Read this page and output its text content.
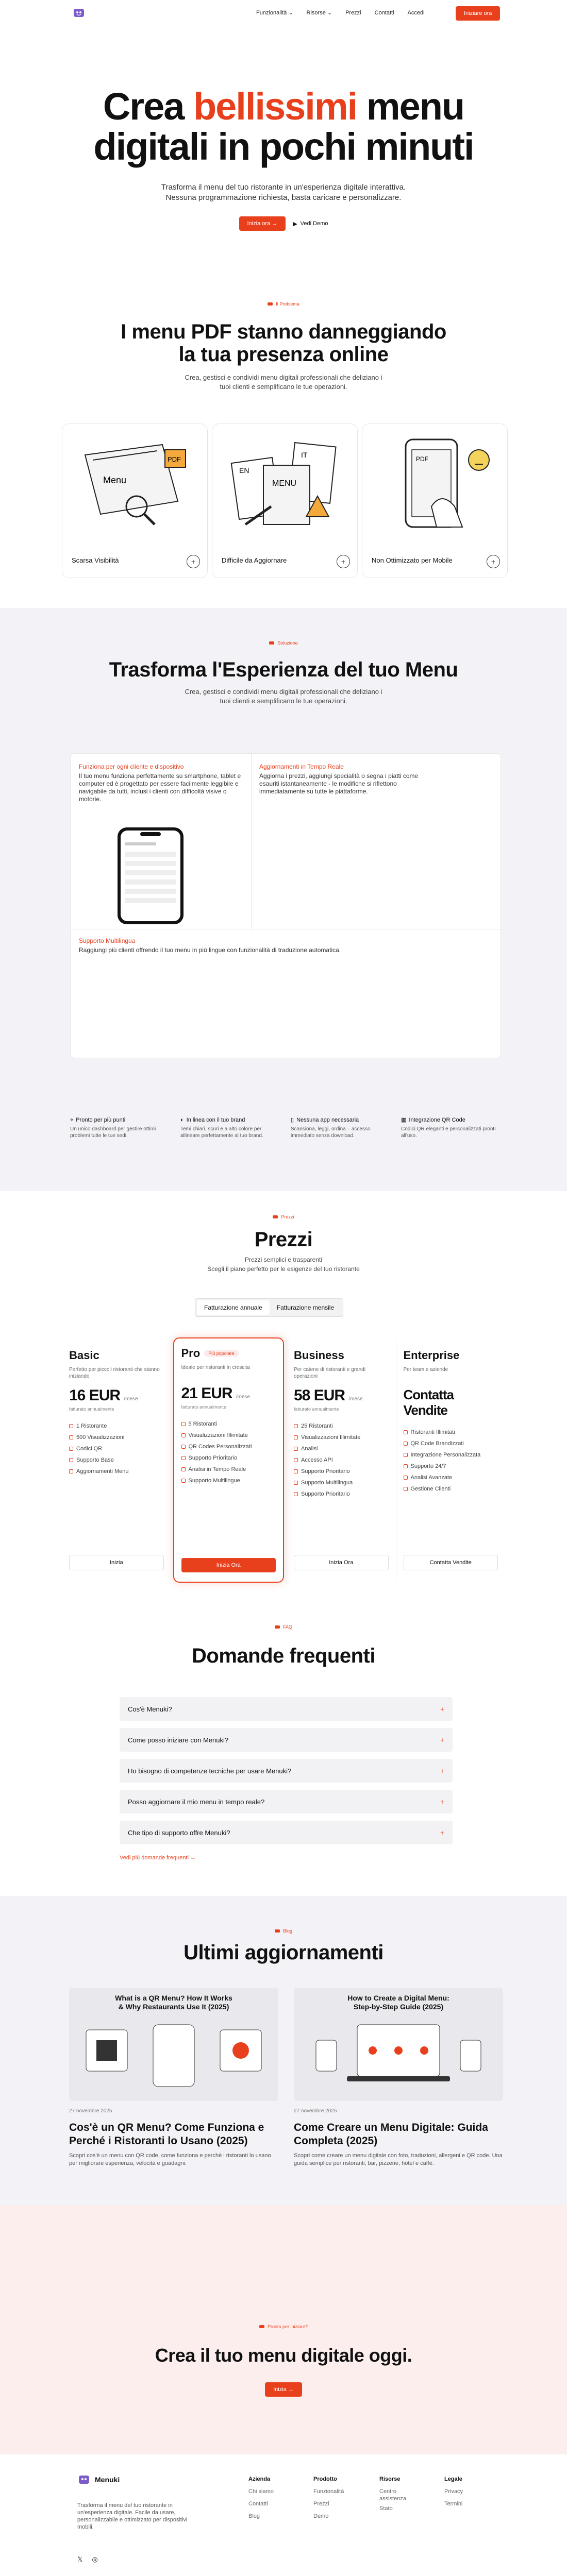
Funzionalità ⌄ Risorse ⌄ Prezzi Contatti Accedi	Iniziare ora
Crea bellissimi menu
digitali in pochi minuti
Trasforma il menu del tuo ristorante in un'esperienza digitale interattiva.
Nessuna programmazione richiesta, basta caricare e personalizzare.
Inizia ora →	▶ Vedi Demo
Il Problema
I menu PDF stanno danneggiando
la tua presenza online
Crea, gestisci e condividi menu digitali professionali che deliziano i
tuoi clienti e semplificano le tue operazioni.
Menu
PDF
Scarsa Visibilità	+
EN
IT
MENU
Difficile da Aggiornare	+
PDF
Non Ottimizzato per Mobile	+
Soluzione
Trasforma l'Esperienza del tuo Menu
Crea, gestisci e condividi menu digitali professionali che deliziano i
tuoi clienti e semplificano le tue operazioni.
Funziona per ogni cliente e dispositivo
Il tuo menu funziona perfettamente su smartphone, tablet e computer ed è progettato per essere facilmente leggibile e navigabile da tutti, inclusi i clienti con difficoltà visive o motorie.
Aggiornamenti in Tempo Reale
Aggiorna i prezzi, aggiungi specialità o segna i piatti come esauriti istantaneamente - le modifiche si riflettono immediatamente su tutte le piattaforme.
Supporto Multilingua
Raggiungi più clienti offrendo il tuo menu in più lingue con funzionalità di traduzione automatica.
⌖ Pronto per più punti
Un unico dashboard per gestire ottimi problemi tutte le tue sedi.
◐ In linea con il tuo brand
Temi chiari, scuri e a alto colore per allineare perfettamente al tuo brand.
▯ Nessuna app necessaria
Scansiona, leggi, ordina – accesso immediato senza download.
▦ Integrazione QR Code
Codici QR eleganti e personalizzati pronti all'uso.
Prezzi
Prezzi
Prezzi semplici e trasparenti
Scegli il piano perfetto per le esigenze del tuo ristorante
Fatturazione annuale	Fatturazione mensile
Basic
Perfetto per piccoli ristoranti che stanno iniziando
16 EUR /mese
fatturato annualmente
1 Ristorante
500 Visualizzazioni
Codici QR
Supporto Base
Aggiornamenti Menu
Inizia
Pro	Più popolare
Ideale per ristoranti in crescita
21 EUR /mese
fatturato annualmente
5 Ristoranti
Visualizzazioni Illimitate
QR Codes Personalizzati
Supporto Prioritario
Analisi in Tempo Reale
Supporto Multilingue
Inizia Ora
Business
Per catene di ristoranti e grandi operazioni
58 EUR /mese
fatturato annualmente
25 Ristoranti
Visualizzazioni Illimitate
Analisi
Accesso API
Supporto Prioritario
Supporto Multilingua
Supporto Prioritario
Inizia Ora
Enterprise
Per team e aziende
Contatta Vendite
Ristoranti Illimitati
QR Code Brandizzati
Integrazione Personalizzata
Supporto 24/7
Analisi Avanzate
Gestione Clienti
Contatta Vendite
FAQ
Domande frequenti
Cos'è Menuki?	+
Come posso iniziare con Menuki?	+
Ho bisogno di competenze tecniche per usare Menuki?	+
Posso aggiornare il mio menu in tempo reale?	+
Che tipo di supporto offre Menuki?	+
Vedi più domande frequenti →
Blog
Ultimi aggiornamenti
What is a QR Menu? How It Works
& Why Restaurants Use It (2025)
27 novembre 2025
Cos'è un QR Menu? Come Funziona e Perché i Ristoranti lo Usano (2025)

Scopri cos'è un menu con QR code, come funziona e perché i ristoranti lo usano per migliorare esperienza, velocità e guadagni.

How to Create a Digital Menu:
Step-by-Step Guide (2025)
27 novembre 2025
Come Creare un Menu Digitale: Guida Completa (2025)

Scopri come creare un menu digitale con foto, traduzioni, allergeni e QR code. Una guida semplice per ristoranti, bar, pizzerie, hotel e caffè.

Pronto per iniziare?
Crea il tuo menu digitale oggi.
Inizia →
Menuki
Trasforma il menu del tuo ristorante in un'esperienza digitale. Facile da usare, personalizzabile e ottimizzato per dispositivi mobili.
𝕏 ◎
Azienda
Chi siamo
Contatti
Blog
Prodotto
Funzionalità
Prezzi
Demo
Risorse
Centro assistenza
Stato
Legale
Privacy
Termini
